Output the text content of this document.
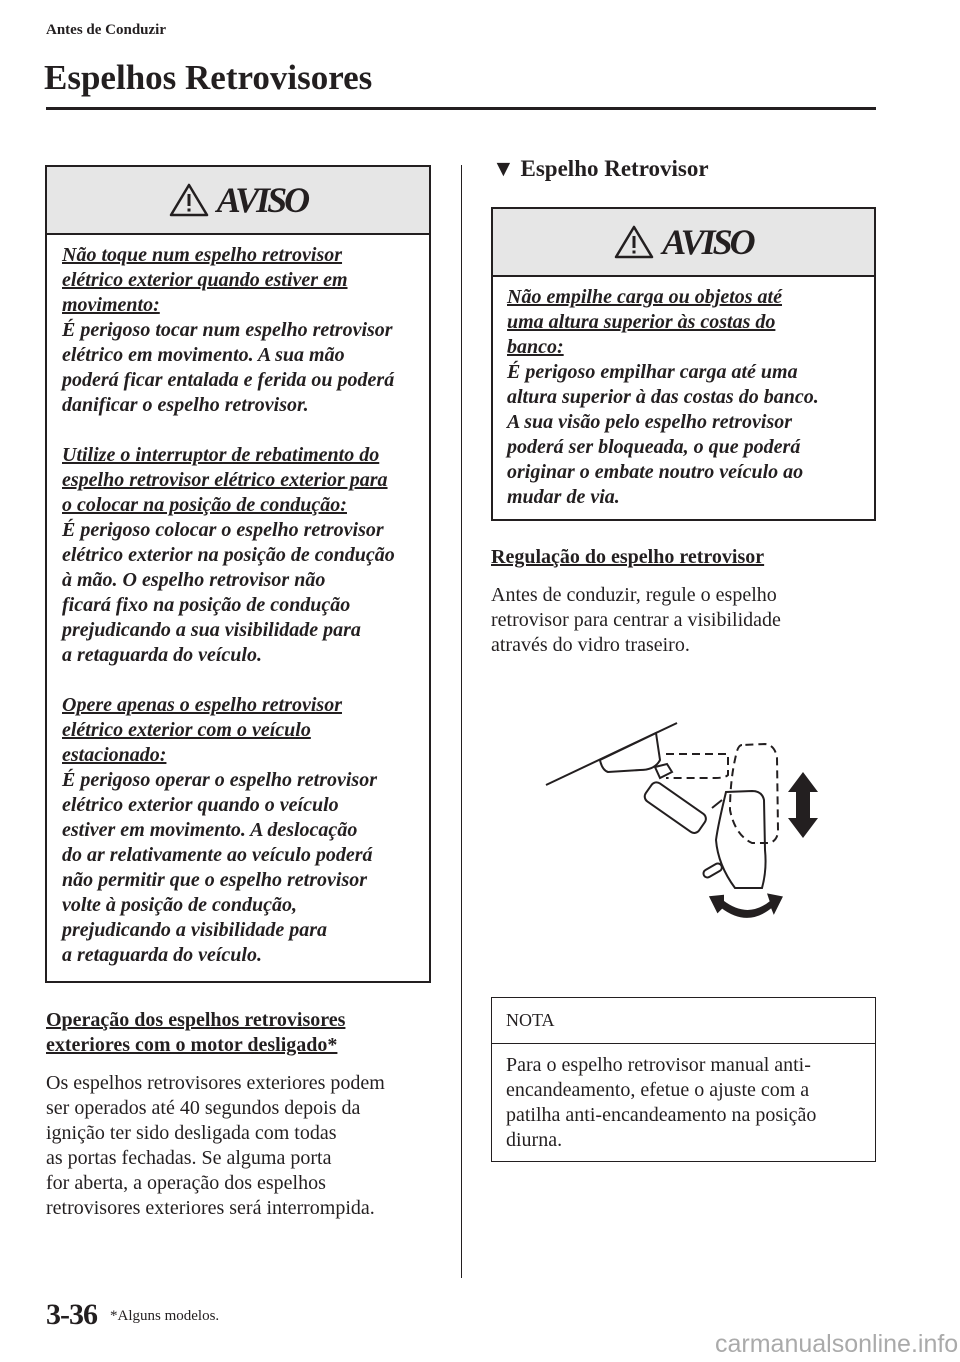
Antes de Conduzir
Espelhos Retrovisores
AVISO
Não toque num espelho retrovisor
elétrico exterior quando estiver em
movimento:
É perigoso tocar num espelho retrovisor
elétrico em movimento. A sua mão
poderá ficar entalada e ferida ou poderá
danificar o espelho retrovisor.
Utilize o interruptor de rebatimento do
espelho retrovisor elétrico exterior para
o colocar na posição de condução:
É perigoso colocar o espelho retrovisor
elétrico exterior na posição de condução
à mão. O espelho retrovisor não
ficará fixo na posição de condução
prejudicando a sua visibilidade para
a retaguarda do veículo.
Opere apenas o espelho retrovisor
elétrico exterior com o veículo
estacionado:
É perigoso operar o espelho retrovisor
elétrico exterior quando o veículo
estiver em movimento. A deslocação
do ar relativamente ao veículo poderá
não permitir que o espelho retrovisor
volte à posição de condução,
prejudicando a visibilidade para
a retaguarda do veículo.
Operação dos espelhos retrovisores
exteriores com o motor desligado*
Os espelhos retrovisores exteriores podem
ser operados até 40 segundos depois da
ignição ter sido desligada com todas
as portas fechadas. Se alguma porta
for aberta, a operação dos espelhos
retrovisores exteriores será interrompida.
▼ Espelho Retrovisor
AVISO
Não empilhe carga ou objetos até
uma altura superior às costas do
banco:
É perigoso empilhar carga até uma
altura superior à das costas do banco.
A sua visão pelo espelho retrovisor
poderá ser bloqueada, o que poderá
originar o embate noutro veículo ao
mudar de via.
Regulação do espelho retrovisor
Antes de conduzir, regule o espelho
retrovisor para centrar a visibilidade
através do vidro traseiro.
NOTA
Para o espelho retrovisor manual anti-
encandeamento, efetue o ajuste com a
patilha anti-encandeamento na posição
diurna.
3-36 *Alguns modelos.
carmanualsonline.info
